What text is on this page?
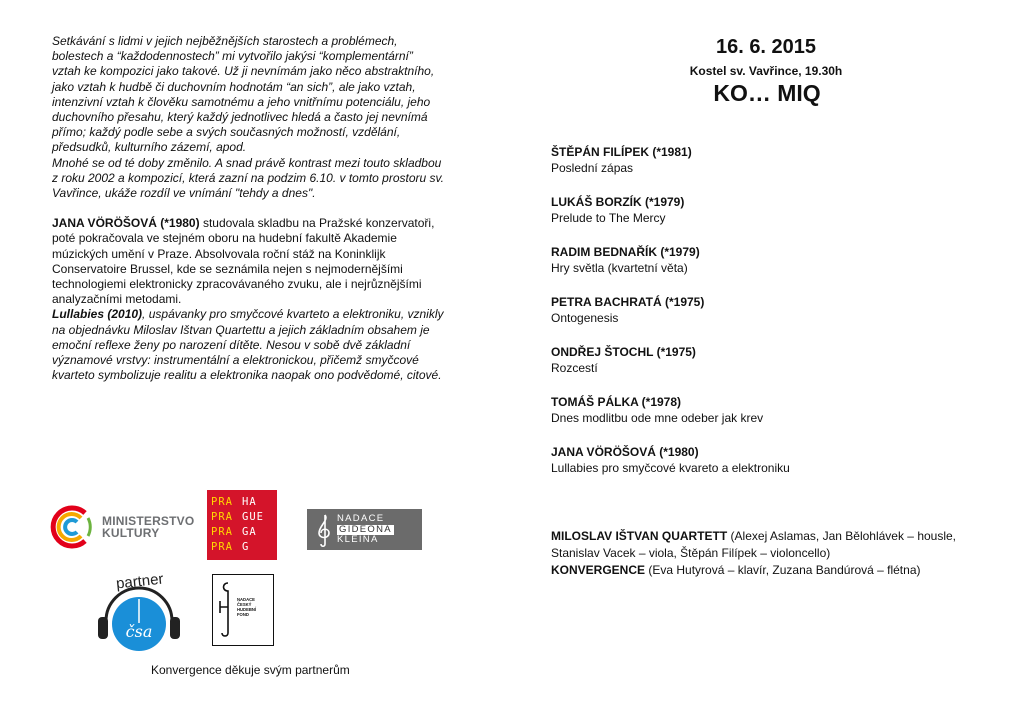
Setkávání s lidmi v jejich nejběžnějších starostech a problémech, bolestech a “každodennostech” mi vytvořilo jakýsi “komplementární” vztah ke kompozici jako takové. Už ji nevnímám jako něco abstraktního, jako vztah k hudbě či duchovním hodnotám “an sich”, ale jako vztah, intenzivní vztah k člověku samotnému a jeho vnitřnímu potenciálu, jeho duchovního přesahu, který každý jednotlivec hledá a často jej nevnímá přímo; každý podle sebe a svých současných možností, vzdělání, předsudků, kulturního zázemí, apod.

Mnohé se od té doby změnilo. A snad právě kontrast mezi touto skladbou z roku 2002 a kompozicí, která zazní na podzim 6.10. v tomto prostoru sv. Vavřince, ukáže rozdíl ve vnímání "tehdy a dnes".

JANA VÖRÖŠOVÁ (*1980) studovala skladbu na Pražské konzervatoři, poté pokračovala ve stejném oboru na hudební fakultě Akademie múzických umění v Praze. Absolvovala roční stáž na Koninklijk Conservatoire Brussel, kde se seznámila nejen s nejmodernějšími technologiemi elektronicky zpracovávaného zvuku, ale i nejrůznějšími analyzačními metodami.

Lullabies (2010), uspávanky pro smyčcové kvarteto a elektroniku, vznikly na objednávku Miloslav Ištvan Quartettu a jejich základním obsahem je emoční reflexe ženy po narození dítěte. Nesou v sobě dvě základní významové vrstvy: instrumentální a elektronickou, přičemž smyčcové kvarteto symbolizuje realitu a elektronika naopak ono podvědomé, citové.

MINISTERSTVO
KULTURY
PRA HA
PRA GUE
PRA GA
PRA G
NADACE
GIDEONA
KLEINA
čsa
partner
NADACE ČESKÝ HUDEBNÍ FOND
Konvergence děkuje svým partnerům
16. 6. 2015
Kostel sv. Vavřince, 19.30h
KO… MIQ
ŠTĚPÁN FILÍPEK (*1981)
Poslední zápas
LUKÁŠ BORZÍK (*1979)
Prelude to The Mercy
RADIM BEDNAŘÍK (*1979)
Hry světla (kvartetní věta)
PETRA BACHRATÁ (*1975)
Ontogenesis
ONDŘEJ ŠTOCHL (*1975)
Rozcestí
TOMÁŠ PÁLKA (*1978)
Dnes modlitbu ode mne odeber jak krev
JANA VÖRÖŠOVÁ (*1980)
Lullabies pro smyčcové kvareto a elektroniku

MILOSLAV IŠTVAN QUARTETT (Alexej Aslamas, Jan Bělohlávek – housle,

Stanislav Vacek – viola, Štěpán Filípek – violoncello)

KONVERGENCE (Eva Hutyrová – klavír, Zuzana Bandúrová – flétna)
